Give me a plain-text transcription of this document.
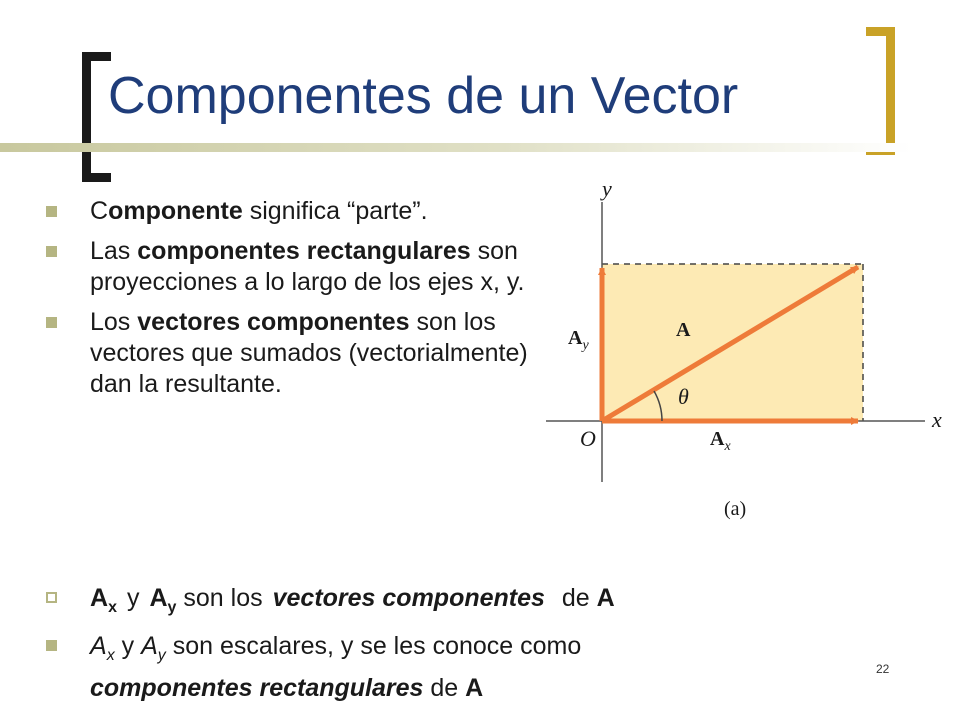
Componentes de un Vector
Componente significa “parte”.
Las componentes rectangulares son proyecciones a lo largo de los ejes x, y.
Los vectores componentes son los vectores que sumados (vectorialmente) dan la resultante.
y
x
O
A
$A_y$
$A_x$
θ
(a)
$A_x$ y $A_y$ son los vectores componentes de A
$A_x$ y $A_y$ son escalares, y se les conoce como
componentes rectangulares de A
22
